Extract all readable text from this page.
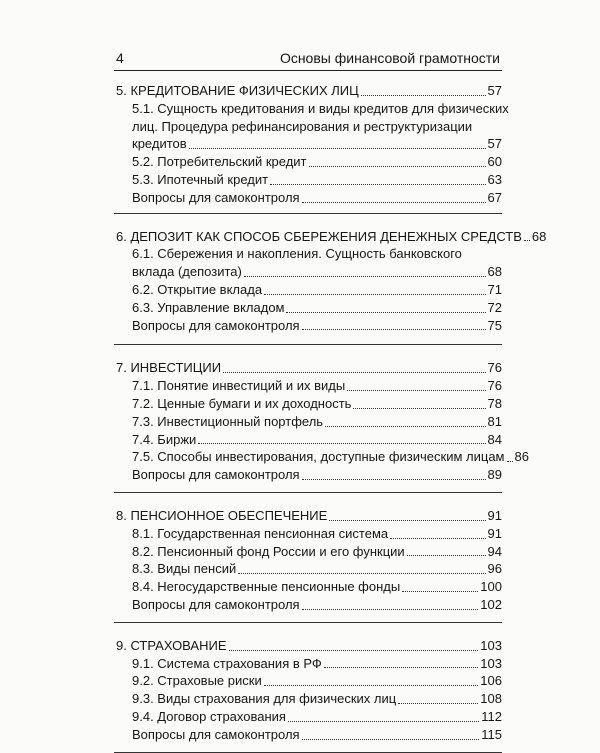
4	Основы финансовой грамотности
5. КРЕДИТОВАНИЕ ФИЗИЧЕСКИХ ЛИЦ	57
5.1. Сущность кредитования и виды кредитов для физических
лиц. Процедура рефинансирования и реструктуризации
кредитов	57
5.2. Потребительский кредит	60
5.3. Ипотечный кредит	63
Вопросы для самоконтроля	67
6. ДЕПОЗИТ КАК СПОСОБ СБЕРЕЖЕНИЯ ДЕНЕЖНЫХ СРЕДСТВ 68
6.1. Сбережения и накопления. Сущность банковского
вклада (депозита)	68
6.2. Открытие вклада	71
6.3. Управление вкладом	72
Вопросы для самоконтроля	75
7. ИНВЕСТИЦИИ	76
7.1. Понятие инвестиций и их виды	76
7.2. Ценные бумаги и их доходность	78
7.3. Инвестиционный портфель	81
7.4. Биржи	84
7.5. Способы инвестирования, доступные физическим лицам 86
Вопросы для самоконтроля	89
8. ПЕНСИОННОЕ ОБЕСПЕЧЕНИЕ	91
8.1. Государственная пенсионная система	91
8.2. Пенсионный фонд России и его функции	94
8.3. Виды пенсий	96
8.4. Негосударственные пенсионные фонды	100
Вопросы для самоконтроля	102
9. СТРАХОВАНИЕ	103
9.1. Система страхования в РФ	103
9.2. Страховые риски	106
9.3. Виды страхования для физических лиц	108
9.4. Договор страхования	112
Вопросы для самоконтроля	115
